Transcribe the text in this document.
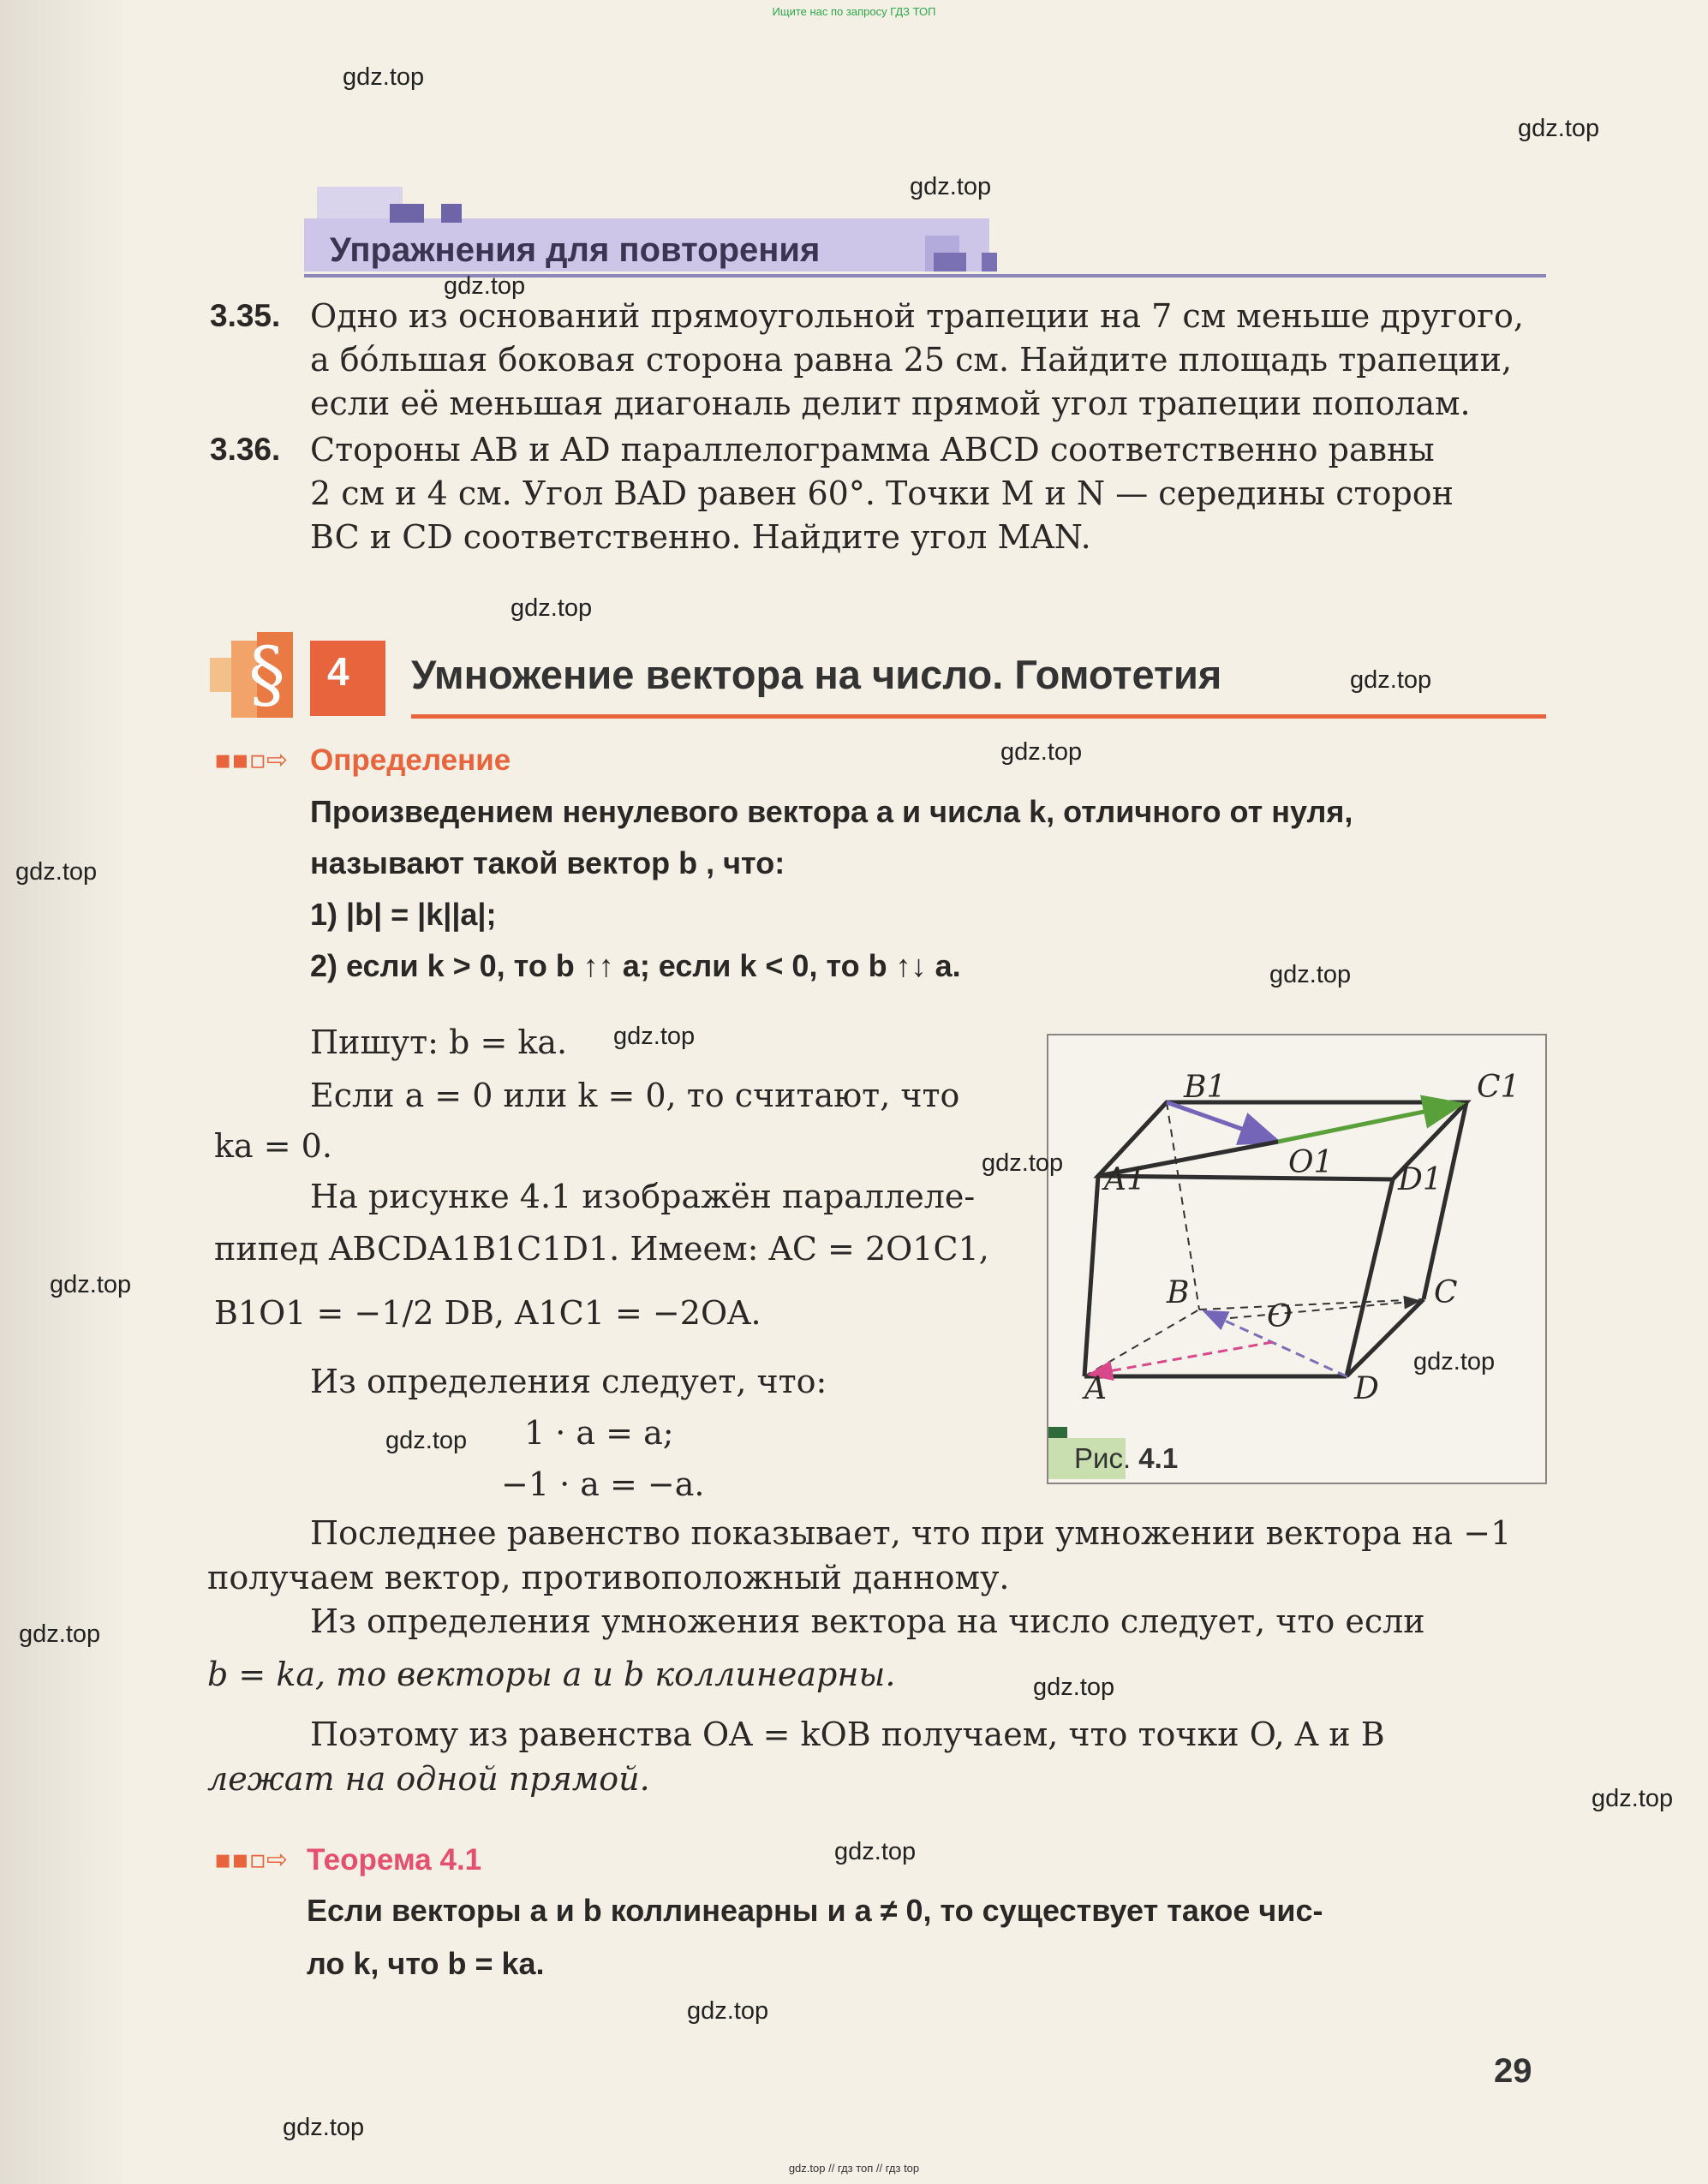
Ищите нас по запросу ГДЗ ТОП
Упражнения для повторения
3.35. Одно из оснований прямоугольной трапеции на 7 см меньше другого,
а бóльшая боковая сторона равна 25 см. Найдите площадь трапеции,
если её меньшая диагональ делит прямой угол трапеции пополам.
3.36. Стороны AB и AD параллелограмма ABCD соответственно равны
2 см и 4 см. Угол BAD равен 60°. Точки M и N — середины сторон
BC и CD соответственно. Найдите угол MAN.
§ 4 Умножение вектора на число. Гомотетия
▪▪▫⇨ Определение
Произведением ненулевого вектора a и числа k, отличного от нуля,
называют такой вектор b , что:
1) |b| = |k||a|;
2) если k > 0, то b ↑↑ a; если k < 0, то b ↑↓ a.
Пишут: b = ka.
Если a = 0 или k = 0, то считают, что
ka = 0.
На рисунке 4.1 изображён параллеле-
пипед ABCDA1B1C1D1. Имеем: AC = 2O1C1,
B1O1 = −1/2 DB, A1C1 = −2OA.
Из определения следует, что:
1 · a = a;
−1 · a = −a.
Последнее равенство показывает, что при умножении вектора на −1
получаем вектор, противоположный данному.
Из определения умножения вектора на число следует, что если
b = ka, то векторы a и b коллинеарны.
Поэтому из равенства OA = kOB получаем, что точки O, A и B
лежат на одной прямой.
B1	C1
A1	D1
O1
B	C
O
A	D
Рис. 4.1
▪▪▫⇨ Теорема 4.1
Если векторы a и b коллинеарны и a ≠ 0, то существует такое чис-
ло k, что b = ka.
29
gdz.top
gdz.top
gdz.top
gdz.top
gdz.top
gdz.top
gdz.top
gdz.top
gdz.top
gdz.top
gdz.top
gdz.top
gdz.top
gdz.top
gdz.top
gdz.top
gdz.top
gdz.top
gdz.top
gdz.top
gdz.top // гдз топ // гдз top
